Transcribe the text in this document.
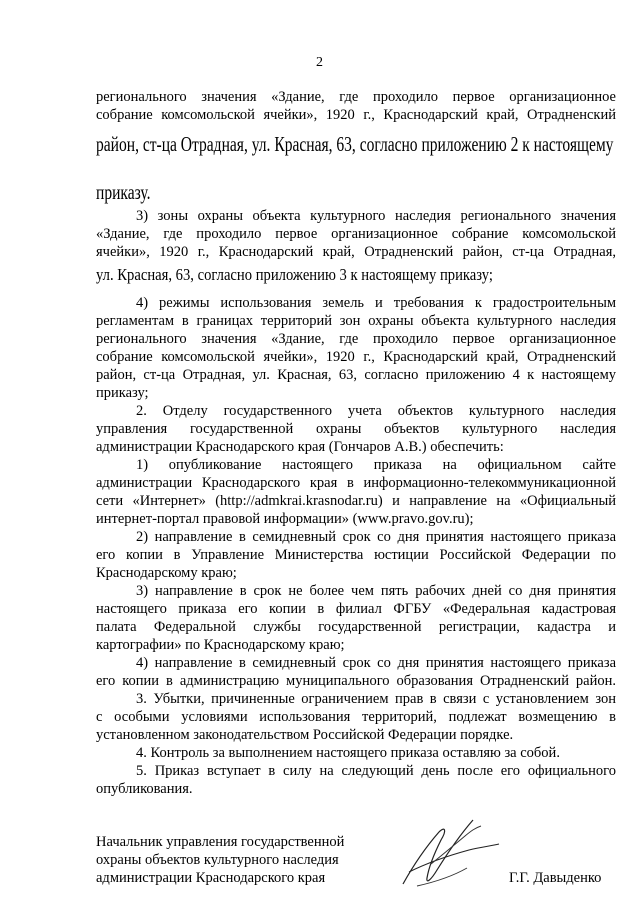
2
регионального значения «Здание, где проходило первое организационное
собрание комсомольской ячейки», 1920 г., Краснодарский край, Отрадненский
район, ст-ца Отрадная, ул. Красная, 63, согласно приложению 2 к настоящему
приказу.
3) зоны охраны объекта культурного наследия регионального значения
«Здание, где проходило первое организационное собрание комсомольской
ячейки», 1920 г., Краснодарский край, Отрадненский район, ст-ца Отрадная,
ул. Красная, 63, согласно приложению 3 к настоящему приказу;
4) режимы использования земель и требования к градостроительным
регламентам в границах территорий зон охраны объекта культурного наследия
регионального значения «Здание, где проходило первое организационное
собрание комсомольской ячейки», 1920 г., Краснодарский край, Отрадненский
район, ст-ца Отрадная, ул. Красная, 63, согласно приложению 4 к настоящему
приказу;
2. Отделу государственного учета объектов культурного наследия
управления государственной охраны объектов культурного наследия
администрации Краснодарского края (Гончаров А.В.) обеспечить:
1) опубликование настоящего приказа на официальном сайте
администрации Краснодарского края в информационно-телекоммуникационной
сети «Интернет» (http://admkrai.krasnodar.ru) и направление на «Официальный
интернет-портал правовой информации» (www.pravo.gov.ru);
2) направление в семидневный срок со дня принятия настоящего приказа
его копии в Управление Министерства юстиции Российской Федерации по
Краснодарскому краю;
3) направление в срок не более чем пять рабочих дней со дня принятия
настоящего приказа его копии в филиал ФГБУ «Федеральная кадастровая
палата Федеральной службы государственной регистрации, кадастра и
картографии» по Краснодарскому краю;
4) направление в семидневный срок со дня принятия настоящего приказа
его копии в администрацию муниципального образования Отрадненский район.
3. Убытки, причиненные ограничением прав в связи с установлением зон
с особыми условиями использования территорий, подлежат возмещению в
установленном законодательством Российской Федерации порядке.
4. Контроль за выполнением настоящего приказа оставляю за собой.
5. Приказ вступает в силу на следующий день после его официального
опубликования.
Начальник управления государственной
охраны объектов культурного наследия
администрации Краснодарского края	Г.Г. Давыденко
